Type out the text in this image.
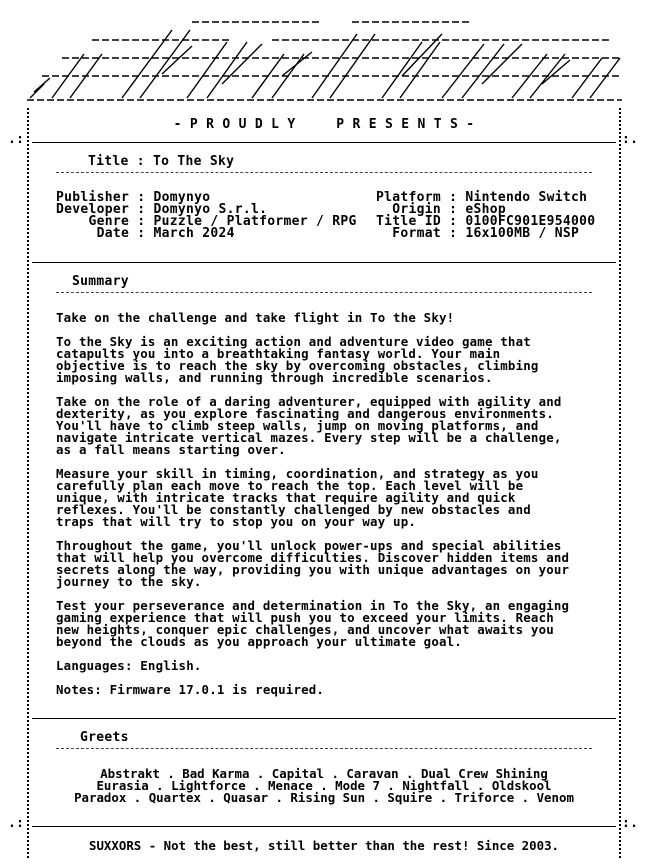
- P R O U D L Y     P R E S E N T S -

.:	:.
.:	:.

Title : To The Sky

Publisher : Domynyo

Developer : Domynyo S.r.l.

Genre : Puzzle / Platformer / RPG

Date : March 2024

Platform : Nintendo Switch

Origin : eShop

Title ID : 0100FC901E954000

Format : 16x100MB / NSP

Summary

Take on the challenge and take flight in To the Sky!

To the Sky is an exciting action and adventure video game that
catapults you into a breathtaking fantasy world. Your main
objective is to reach the sky by overcoming obstacles, climbing
imposing walls, and running through incredible scenarios.

Take on the role of a daring adventurer, equipped with agility and
dexterity, as you explore fascinating and dangerous environments.
You'll have to climb steep walls, jump on moving platforms, and
navigate intricate vertical mazes. Every step will be a challenge,
as a fall means starting over.

Measure your skill in timing, coordination, and strategy as you
carefully plan each move to reach the top. Each level will be
unique, with intricate tracks that require agility and quick
reflexes. You'll be constantly challenged by new obstacles and
traps that will try to stop you on your way up.

Throughout the game, you'll unlock power-ups and special abilities
that will help you overcome difficulties. Discover hidden items and
secrets along the way, providing you with unique advantages on your
journey to the sky.

Test your perseverance and determination in To the Sky, an engaging
gaming experience that will push you to exceed your limits. Reach
new heights, conquer epic challenges, and uncover what awaits you
beyond the clouds as you approach your ultimate goal.

Languages: English.

Notes: Firmware 17.0.1 is required.

Greets

Abstrakt . Bad Karma . Capital . Caravan . Dual Crew Shining

Eurasia . Lightforce . Menace . Mode 7 . Nightfall . Oldskool

Paradox . Quartex . Quasar . Rising Sun . Squire . Triforce . Venom

SUXXORS - Not the best, still better than the rest! Since 2003.
